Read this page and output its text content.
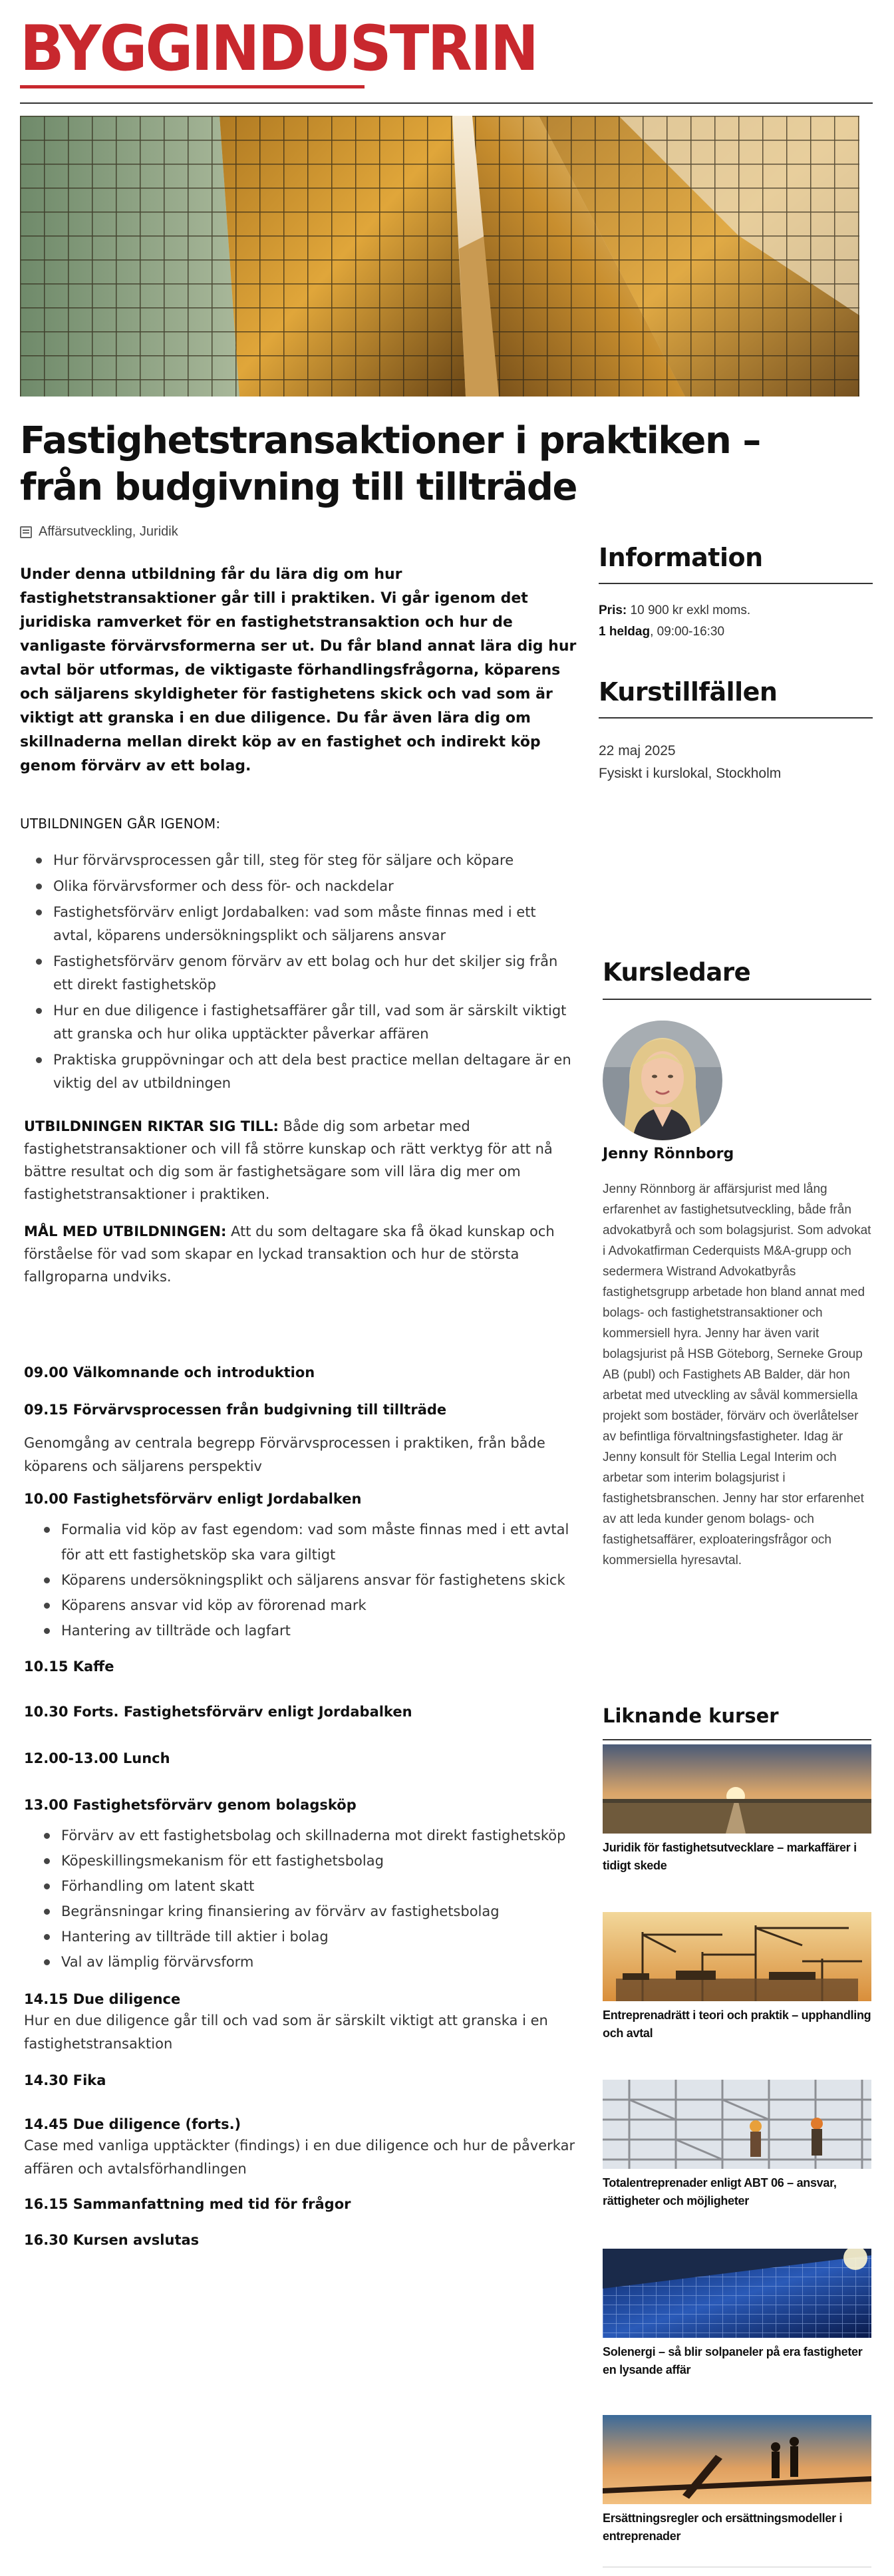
BYGGINDUSTRIN
Fastighetstransaktioner i praktiken – från budgivning till tillträde
Affärsutveckling, Juridik

Under denna utbildning får du lära dig om hur fastighetstransaktioner går till i praktiken. Vi går igenom det juridiska ramverket för en fastighetstransaktion och hur de vanligaste förvärvsformerna ser ut. Du får bland annat lära dig hur avtal bör utformas, de viktigaste förhandlingsfrågorna, köparens och säljarens skyldigheter för fastighetens skick och vad som är viktigt att granska i en due diligence. Du får även lära dig om skillnaderna mellan direkt köp av en fastighet och indirekt köp genom förvärv av ett bolag.

UTBILDNINGEN GÅR IGENOM:

Hur förvärvsprocessen går till, steg för steg för säljare och köpare
Olika förvärvsformer och dess för- och nackdelar
Fastighetsförvärv enligt Jordabalken: vad som måste finnas med i ett avtal, köparens undersökningsplikt och säljarens ansvar
Fastighetsförvärv genom förvärv av ett bolag och hur det skiljer sig från ett direkt fastighetsköp
Hur en due diligence i fastighetsaffärer går till, vad som är särskilt viktigt att granska och hur olika upptäckter påverkar affären
Praktiska gruppövningar och att dela best practice mellan deltagare är en viktig del av utbildningen

UTBILDNINGEN RIKTAR SIG TILL: Både dig som arbetar med fastighetstransaktioner och vill få större kunskap och rätt verktyg för att nå bättre resultat och dig som är fastighetsägare som vill lära dig mer om fastighetstransaktioner i praktiken.

MÅL MED UTBILDNINGEN: Att du som deltagare ska få ökad kunskap och förståelse för vad som skapar en lyckad transaktion och hur de största fallgroparna undviks.

09.00 Välkomnande och introduktion

09.15 Förvärvsprocessen från budgivning till tillträde

Genomgång av centrala begrepp Förvärvsprocessen i praktiken, från både köparens och säljarens perspektiv

10.00 Fastighetsförvärv enligt Jordabalken

Formalia vid köp av fast egendom: vad som måste finnas med i ett avtal för att ett fastighetsköp ska vara giltigt
Köparens undersökningsplikt och säljarens ansvar för fastighetens skick
Köparens ansvar vid köp av förorenad mark
Hantering av tillträde och lagfart

10.15 Kaffe

10.30 Forts. Fastighetsförvärv enligt Jordabalken

12.00-13.00 Lunch

13.00 Fastighetsförvärv genom bolagsköp

Förvärv av ett fastighetsbolag och skillnaderna mot direkt fastighetsköp
Köpeskillingsmekanism för ett fastighetsbolag
Förhandling om latent skatt
Begränsningar kring finansiering av förvärv av fastighetsbolag
Hantering av tillträde till aktier i bolag
Val av lämplig förvärvsform

14.15 Due diligence

Hur en due diligence går till och vad som är särskilt viktigt att granska i en fastighetstransaktion

14.30 Fika

14.45 Due diligence (forts.)

Case med vanliga upptäckter (findings) i en due diligence och hur de påverkar affären och avtalsförhandlingen

16.15 Sammanfattning med tid för frågor

16.30 Kursen avslutas

Information

Pris: 10 900 kr exkl moms.

1 heldag, 09:00-16:30

Kurstillfällen

22 maj 2025

Fysiskt i kurslokal, Stockholm

Kursledare

Jenny Rönnborg

Jenny Rönnborg är affärsjurist med lång erfarenhet av fastighetsutveckling, både från advokatbyrå och som bolagsjurist. Som advokat i Advokatfirman Cederquists M&A-grupp och sedermera Wistrand Advokatbyrås fastighetsgrupp arbetade hon bland annat med bolags- och fastighetstransaktioner och kommersiell hyra. Jenny har även varit bolagsjurist på HSB Göteborg, Serneke Group AB (publ) och Fastighets AB Balder, där hon arbetat med utveckling av såväl kommersiella projekt som bostäder, förvärv och överlåtelser av befintliga förvaltningsfastigheter. Idag är Jenny konsult för Stellia Legal Interim och arbetar som interim bolagsjurist i fastighetsbranschen. Jenny har stor erfarenhet av att leda kunder genom bolags- och fastighetsaffärer, exploateringsfrågor och kommersiella hyresavtal.

Liknande kurser

Juridik för fastighetsutvecklare – markaffärer i tidigt skede

Entreprenadrätt i teori och praktik – upphandling och avtal

Totalentreprenader enligt ABT 06 – ansvar, rättigheter och möjligheter

Solenergi – så blir solpaneler på era fastigheter en lysande affär

Ersättningsregler och ersättningsmodeller i entreprenader
